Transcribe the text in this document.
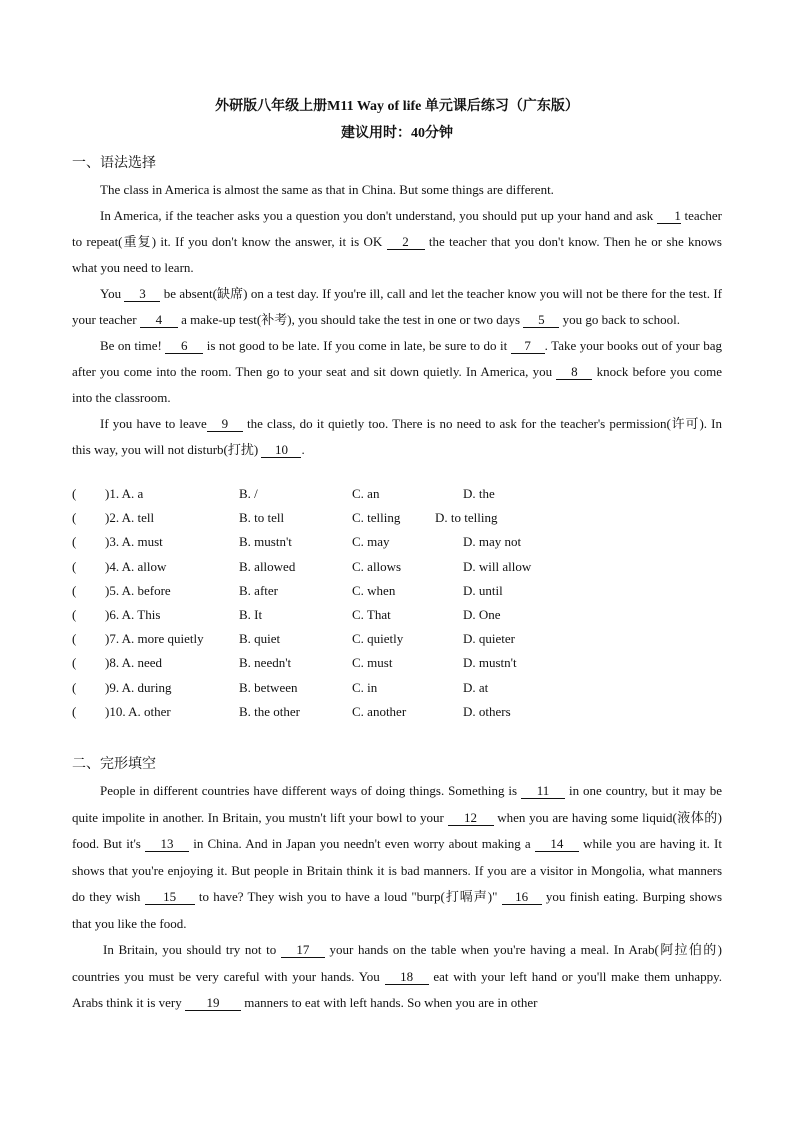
外研版八年级上册M11 Way of life 单元课后练习（广东版）
建议用时：40分钟
一、语法选择

The class in America is almost the same as that in China. But some things are different.

In America, if the teacher asks you a question you don't understand, you should put up your hand and ask 1 teacher to repeat(重复) it. If you don't know the answer, it is OK 2 the teacher that you don't know. Then he or she knows what you need to learn.

You 3 be absent(缺席) on a test day. If you're ill, call and let the teacher know you will not be there for the test. If your teacher 4 a make-up test(补考), you should take the test in one or two days 5 you go back to school.

Be on time! 6 is not good to be late. If you come in late, be sure to do it 7 . Take your books out of your bag after you come into the room. Then go to your seat and sit down quietly. In America, you 8 knock before you come into the classroom.

If you have to leave 9 the class, do it quietly too. There is no need to ask for the teacher's permission(许可). In this way, you will not disturb(打扰) 10 .

( )1. A. a	B. /	C. an	D. the
( )2. A. tell	B. to tell	C. telling	D. to telling
( )3. A. must	B. mustn't	C. may	D. may not
( )4. A. allow	B. allowed	C. allows	D. will allow
( )5. A. before	B. after	C. when	D. until
( )6. A. This	B. It	C. That	D. One
( )7. A. more quietly	B. quiet	C. quietly	D. quieter
( )8. A. need	B. needn't	C. must	D. mustn't
( )9. A. during	B. between	C. in	D. at
( )10. A. other	B. the other	C. another	D. others
二、完形填空

People in different countries have different ways of doing things. Something is 11 in one country, but it may be quite impolite in another. In Britain, you mustn't lift your bowl to your 12 when you are having some liquid(液体的) food. But it's 13 in China. And in Japan you needn't even worry about making a 14 while you are having it. It shows that you're enjoying it. But people in Britain think it is bad manners. If you are a visitor in Mongolia, what manners do they wish 15 to have? They wish you to have a loud "burp(打嗝声)" 16 you finish eating. Burping shows that you like the food.

In Britain, you should try not to 17 your hands on the table when you're having a meal. In Arab(阿拉伯的) countries you must be very careful with your hands. You 18 eat with your left hand or you'll make them unhappy. Arabs think it is very 19 manners to eat with left hands. So when you are in other
